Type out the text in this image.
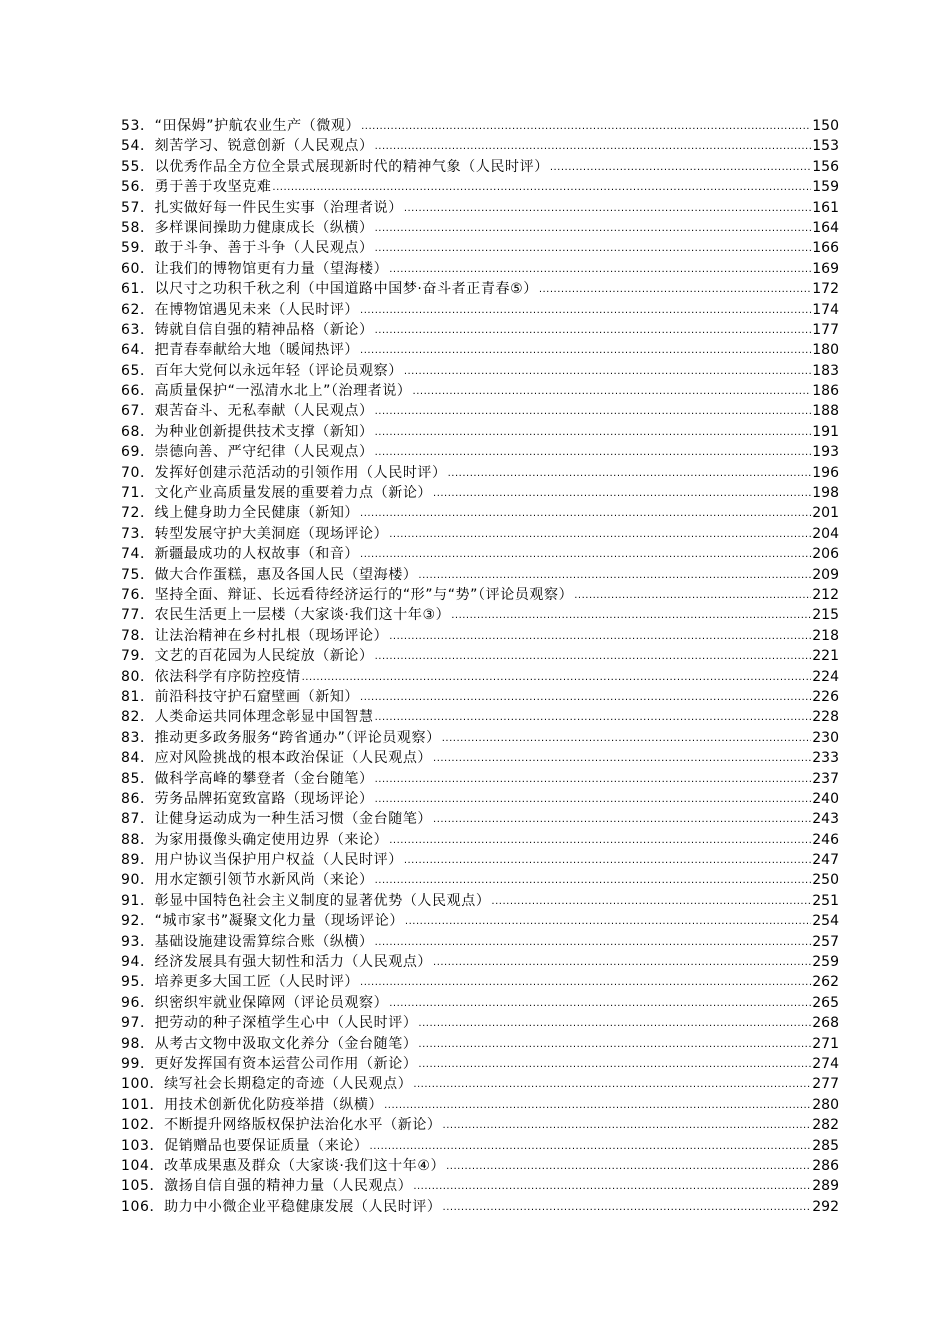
53．“田保姆”护航农业生产（微观） .....	150
54．刻苦学习、锐意创新（人民观点） .....	153
55．以优秀作品全方位全景式展现新时代的精神气象（人民时评） .....	156
56．勇于善于攻坚克难 .....	159
57．扎实做好每一件民生实事（治理者说） .....	161
58．多样课间操助力健康成长（纵横） .....	164
59．敢于斗争、善于斗争（人民观点） .....	166
60．让我们的博物馆更有力量（望海楼） .....	169
61．以尺寸之功积千秋之利（中国道路中国梦·奋斗者正青春⑤） .....	172
62．在博物馆遇见未来（人民时评） .....	174
63．铸就自信自强的精神品格（新论） .....	177
64．把青春奉献给大地（暖闻热评） .....	180
65．百年大党何以永远年轻（评论员观察） .....	183
66．高质量保护“一泓清水北上”（治理者说） .....	186
67．艰苦奋斗、无私奉献（人民观点） .....	188
68．为种业创新提供技术支撑（新知） .....	191
69．崇德向善、严守纪律（人民观点） .....	193
70．发挥好创建示范活动的引领作用（人民时评） .....	196
71．文化产业高质量发展的重要着力点（新论） .....	198
72．线上健身助力全民健康（新知） .....	201
73．转型发展守护大美洞庭（现场评论） .....	204
74．新疆最成功的人权故事（和音） .....	206
75．做大合作蛋糕，惠及各国人民（望海楼） .....	209
76．坚持全面、辩证、长远看待经济运行的“形”与“势”（评论员观察） .....	212
77．农民生活更上一层楼（大家谈·我们这十年③） .....	215
78．让法治精神在乡村扎根（现场评论） .....	218
79．文艺的百花园为人民绽放（新论） .....	221
80．依法科学有序防控疫情 .....	224
81．前沿科技守护石窟壁画（新知） .....	226
82．人类命运共同体理念彰显中国智慧 .....	228
83．推动更多政务服务“跨省通办”（评论员观察） .....	230
84．应对风险挑战的根本政治保证（人民观点） .....	233
85．做科学高峰的攀登者（金台随笔） .....	237
86．劳务品牌拓宽致富路（现场评论） .....	240
87．让健身运动成为一种生活习惯（金台随笔） .....	243
88．为家用摄像头确定使用边界（来论） .....	246
89．用户协议当保护用户权益（人民时评） .....	247
90．用水定额引领节水新风尚（来论） .....	250
91．彰显中国特色社会主义制度的显著优势（人民观点） .....	251
92．“城市家书”凝聚文化力量（现场评论） .....	254
93．基础设施建设需算综合账（纵横） .....	257
94．经济发展具有强大韧性和活力（人民观点） .....	259
95．培养更多大国工匠（人民时评） .....	262
96．织密织牢就业保障网（评论员观察） .....	265
97．把劳动的种子深植学生心中（人民时评） .....	268
98．从考古文物中汲取文化养分（金台随笔） .....	271
99．更好发挥国有资本运营公司作用（新论） .....	274
100．续写社会长期稳定的奇迹（人民观点） .....	277
101．用技术创新优化防疫举措（纵横） .....	280
102．不断提升网络版权保护法治化水平（新论） .....	282
103．促销赠品也要保证质量（来论） .....	285
104．改革成果惠及群众（大家谈·我们这十年④） .....	286
105．激扬自信自强的精神力量（人民观点） .....	289
106．助力中小微企业平稳健康发展（人民时评） .....	292
